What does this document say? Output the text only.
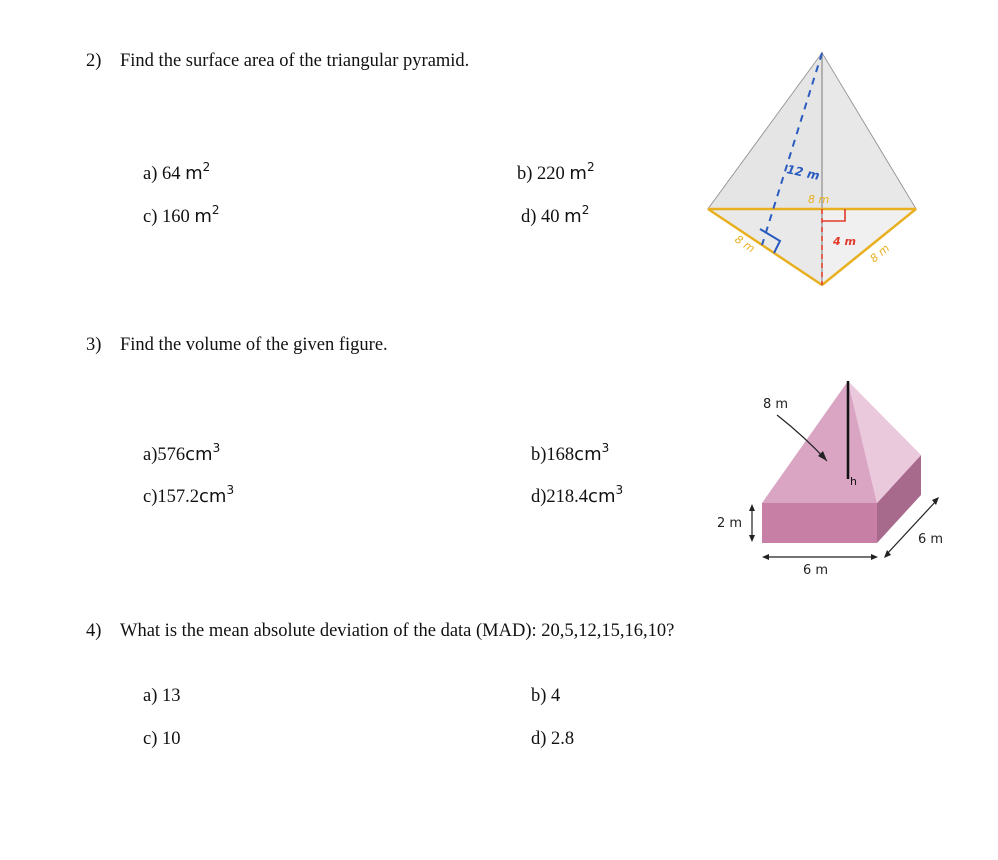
2) Find the surface area of the triangular pyramid.
a) 64 $m^2$	b) 220 $m^2$
c) 160 $m^2$	d) 40 $m^2$
12 m
8 m
4 m
8 m	8 m
3) Find the volume of the given figure.
$a)576cm^3$	$b)168cm^3$
$c)157.2cm^3$	$d)218.4cm^3$
h
8 m
2 m
6 m
6 m
4) What is the mean absolute deviation of the data (MAD): 20,5,12,15,16,10?
a) 13	b) 4
c) 10	d) 2.8
